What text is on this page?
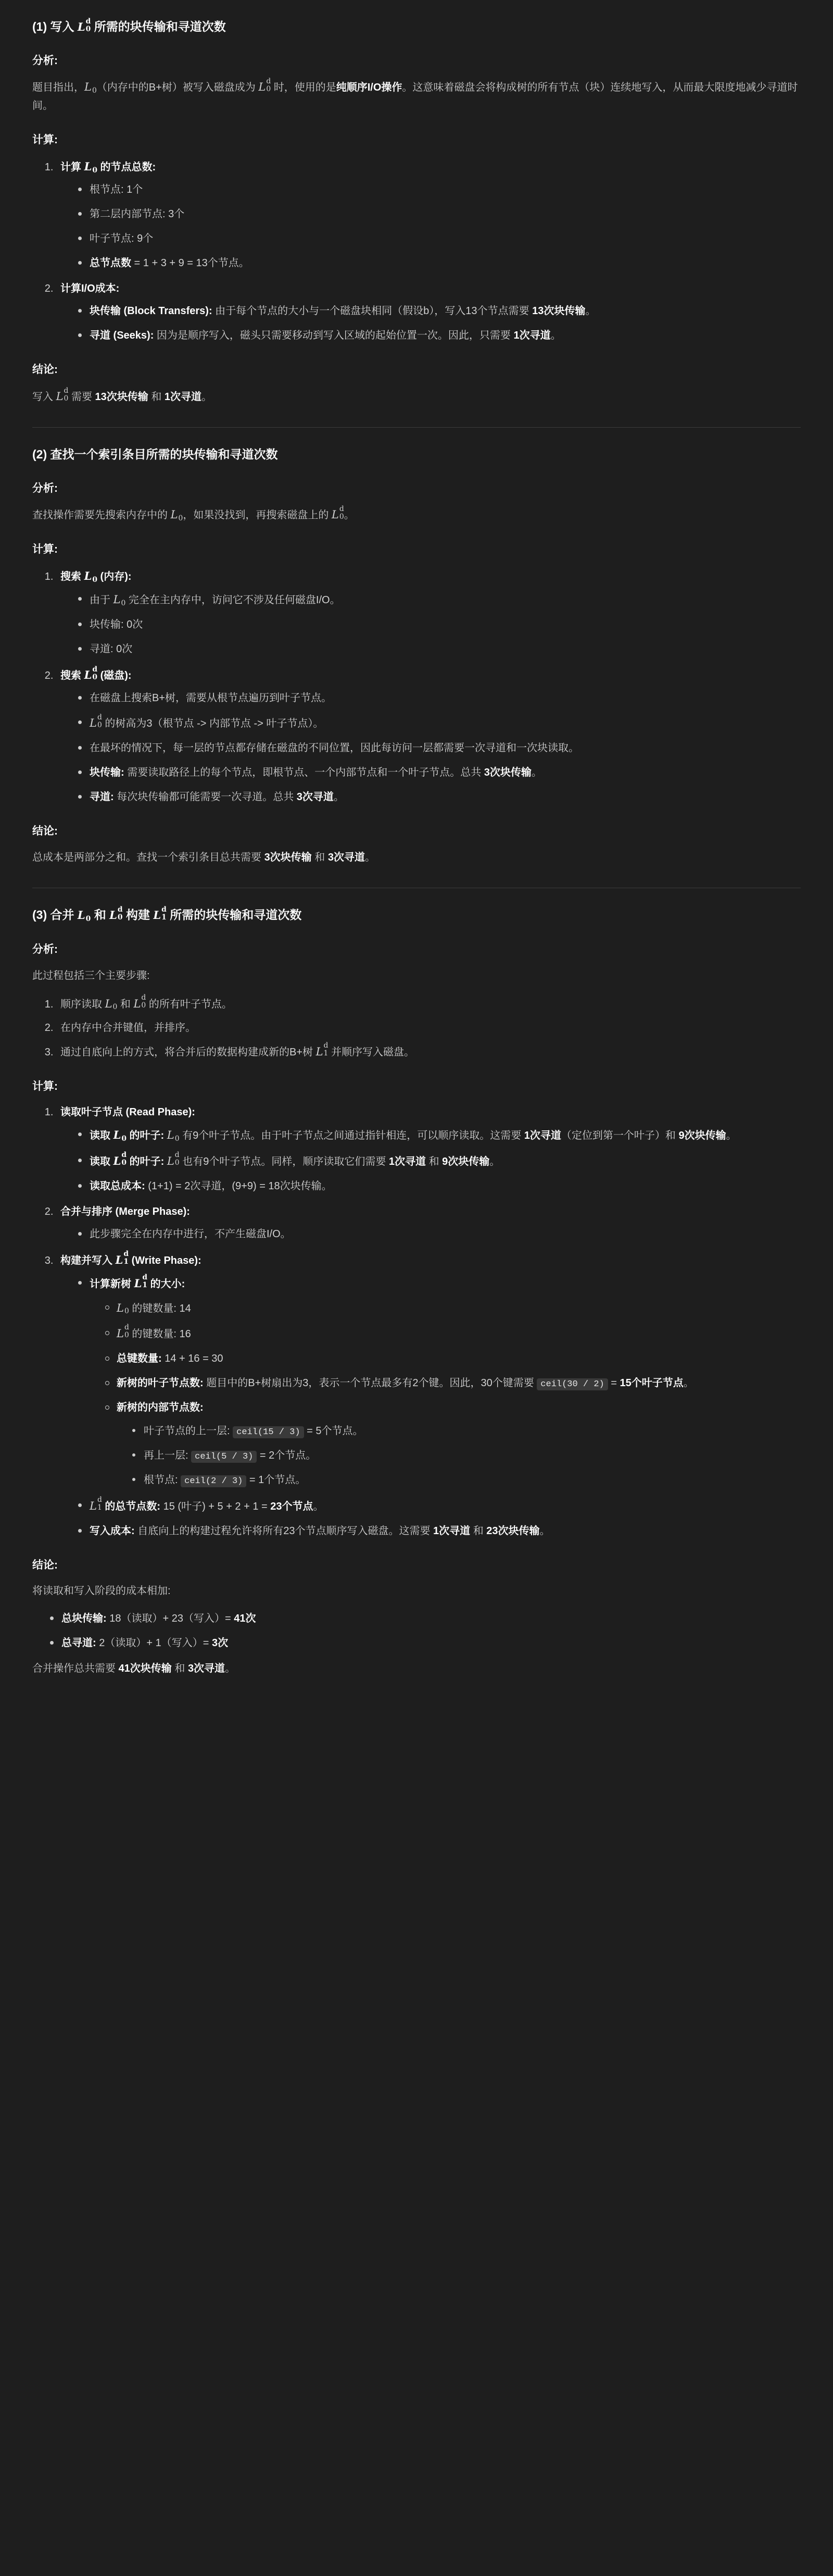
(1) 写入 L d
0 所需的块传输和寻道次数
分析:

题目指出，$L_0$（内存中的B+树）被写入磁盘成为 L d
0 时，使用的是纯顺序I/O操作。这意味着磁盘会将构成树的所有节点（块）连续地写入，从而最大限度地减少寻道时间。

计算:
1. 计算 $L_0$ 的节点总数:
根节点: 1个
第二层内部节点: 3个
叶子节点: 9个
总节点数 = 1 + 3 + 9 = 13个节点。
2. 计算I/O成本:
块传输 (Block Transfers): 由于每个节点的大小与一个磁盘块相同（假设b），写入13个节点需要 13次块传输。
寻道 (Seeks): 因为是顺序写入，磁头只需要移动到写入区域的起始位置一次。因此，只需要 1次寻道。
结论:

写入 L d
0 需要 13次块传输 和 1次寻道。

(2) 查找一个索引条目所需的块传输和寻道次数
分析:

查找操作需要先搜索内存中的 $L_0$，如果没找到，再搜索磁盘上的 L d
0 。

计算:
1. 搜索 $L_0$ (内存):
由于 $L_0$ 完全在主内存中，访问它不涉及任何磁盘I/O。
块传输: 0次
寻道: 0次
2. 搜索 L d
0 (磁盘):
在磁盘上搜索B+树，需要从根节点遍历到叶子节点。
L d
0 的树高为3（根节点 -> 内部节点 -> 叶子节点）。
在最坏的情况下，每一层的节点都存储在磁盘的不同位置，因此每访问一层都需要一次寻道和一次块读取。
块传输: 需要读取路径上的每个节点，即根节点、一个内部节点和一个叶子节点。总共 3次块传输。
寻道: 每次块传输都可能需要一次寻道。总共 3次寻道。
结论:

总成本是两部分之和。查找一个索引条目总共需要 3次块传输 和 3次寻道。

(3) 合并 $L_0$ 和 L d
0 构建 L d
1 所需的块传输和寻道次数
分析:

此过程包括三个主要步骤:

1. 顺序读取 $L_0$ 和 L d
0 的所有叶子节点。
2. 在内存中合并键值，并排序。
3. 通过自底向上的方式，将合并后的数据构建成新的B+树 L d
1 并顺序写入磁盘。
计算:
1. 读取叶子节点 (Read Phase):
读取 $L_0$ 的叶子: $L_0$ 有9个叶子节点。由于叶子节点之间通过指针相连，可以顺序读取。这需要 1次寻道（定位到第一个叶子）和 9次块传输。
读取 L d
0 的叶子: L d
0 也有9个叶子节点。同样，顺序读取它们需要 1次寻道 和 9次块传输。
读取总成本: (1+1) = 2次寻道，(9+9) = 18次块传输。
2. 合并与排序 (Merge Phase):
此步骤完全在内存中进行，不产生磁盘I/O。
3. 构建并写入 L d
1 (Write Phase):
计算新树 L d
1 的大小:
$L_0$ 的键数量: 14
L d
0 的键数量: 16
总键数量: 14 + 16 = 30
新树的叶子节点数: 题目中的B+树扇出为3，表示一个节点最多有2个键。因此，30个键需要 ceil(30 / 2) = 15个叶子节点。
新树的内部节点数:
叶子节点的上一层: ceil(15 / 3) = 5个节点。
再上一层: ceil(5 / 3) = 2个节点。
根节点: ceil(2 / 3) = 1个节点。
L d
1 的总节点数: 15 (叶子) + 5 + 2 + 1 = 23个节点。
写入成本: 自底向上的构建过程允许将所有23个节点顺序写入磁盘。这需要 1次寻道 和 23次块传输。
结论:

将读取和写入阶段的成本相加:

总块传输: 18（读取）+ 23（写入）= 41次
总寻道: 2（读取）+ 1（写入）= 3次

合并操作总共需要 41次块传输 和 3次寻道。
